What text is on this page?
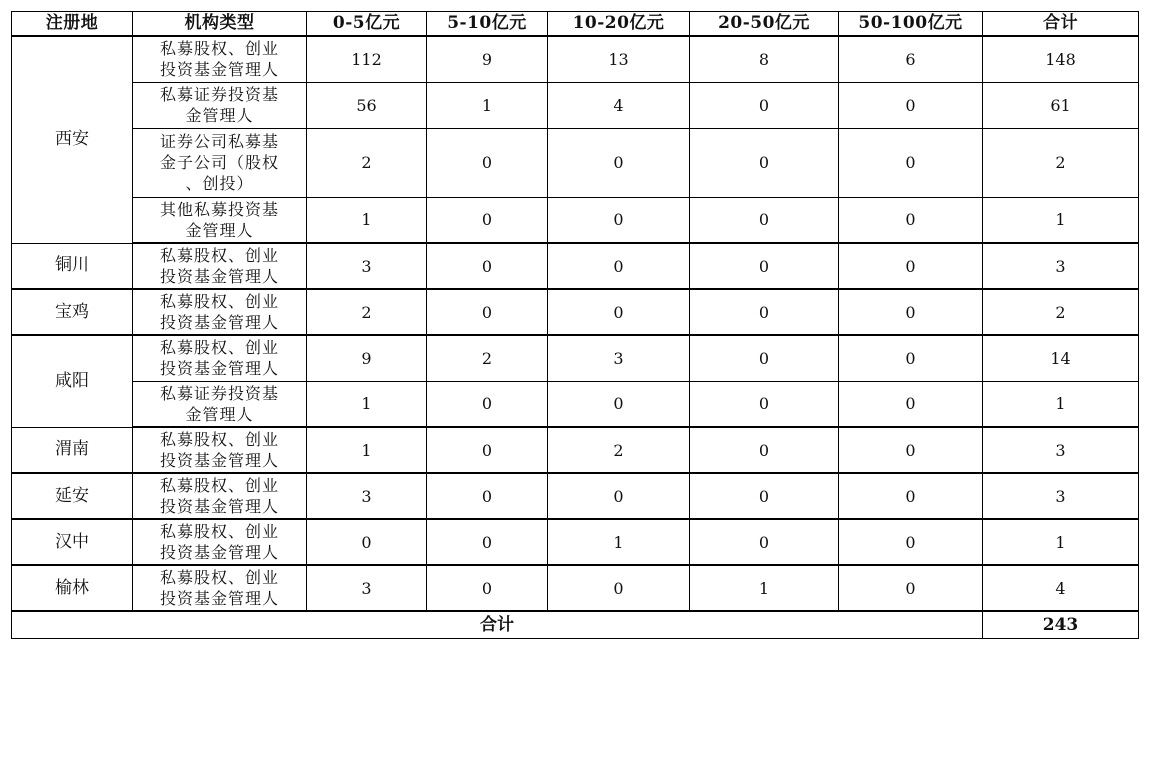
注册地	机构类型	0-5亿元	5-10亿元	10-20亿元	20-50亿元	50-100亿元	合计
西安	私募股权、创业
投资基金管理人	112	9	13	8	6	148

	私募证券投资基
金管理人	56	1	4	0	0	61

	证券公司私募基
金子公司（股权
、创投）	2	0	0	0	0	2

	其他私募投资基
金管理人	1	0	0	0	0	1
铜川	私募股权、创业
投资基金管理人	3	0	0	0	0	3
宝鸡	私募股权、创业
投资基金管理人	2	0	0	0	0	2
咸阳	私募股权、创业
投资基金管理人	9	2	3	0	0	14

	私募证券投资基
金管理人	1	0	0	0	0	1
渭南	私募股权、创业
投资基金管理人	1	0	2	0	0	3
延安	私募股权、创业
投资基金管理人	3	0	0	0	0	3
汉中	私募股权、创业
投资基金管理人	0	0	1	0	0	1
榆林	私募股权、创业
投资基金管理人	3	0	0	1	0	4
合计							243
